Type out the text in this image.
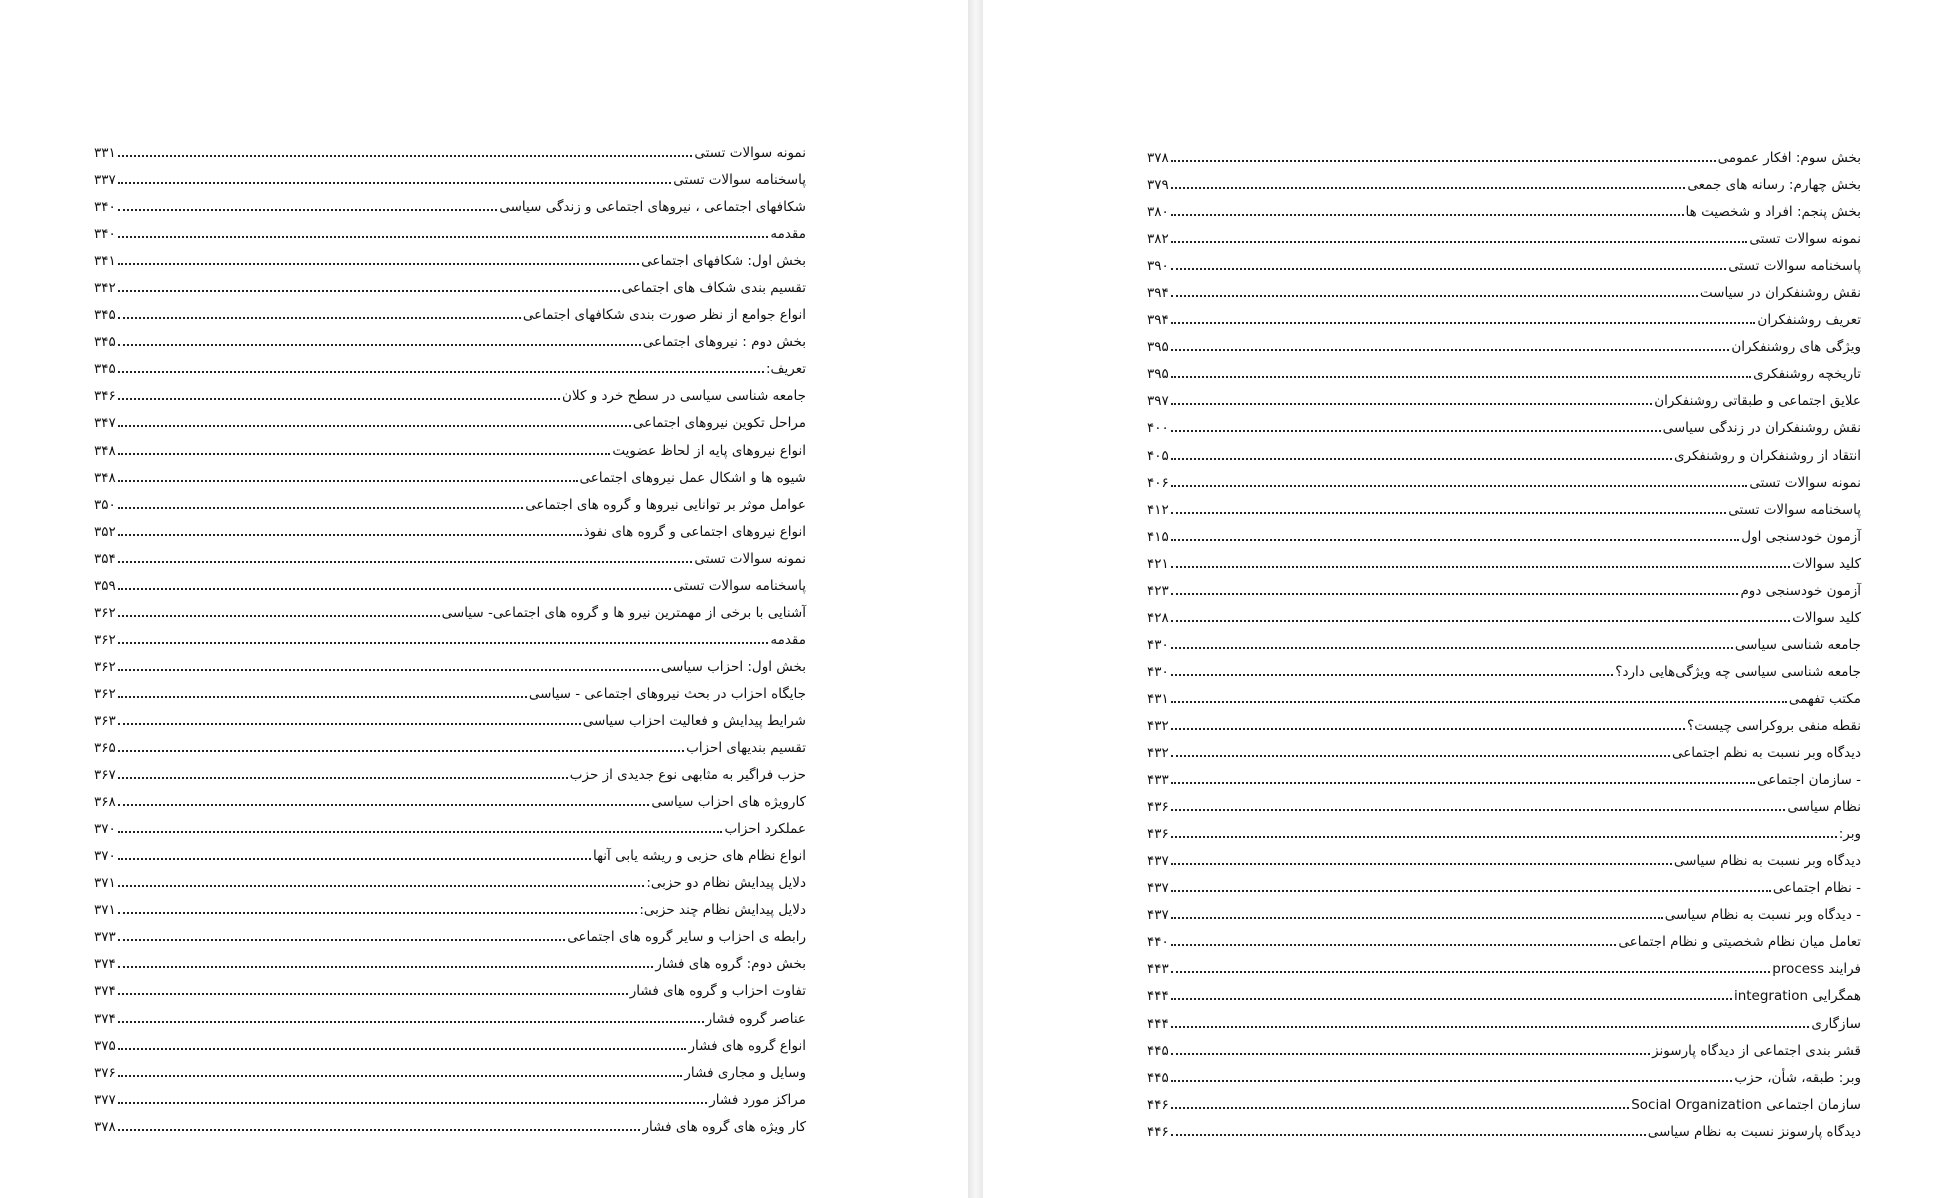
نمونه سوالات تستی
۳۳۱
پاسخنامه سوالات تستی
۳۳۷
شکافهای اجتماعی ، نیروهای اجتماعی و زندگی سیاسی
۳۴۰
مقدمه
۳۴۰
بخش اول: شکافهای اجتماعی
۳۴۱
تقسیم بندی شکاف های اجتماعی
۳۴۲
انواع جوامع از نظر صورت بندی شکافهای اجتماعی
۳۴۵
بخش دوم : نیروهای اجتماعی
۳۴۵
تعریف:
۳۴۵
جامعه شناسی سیاسی در سطح خرد و کلان
۳۴۶
مراحل تکوین نیروهای اجتماعی
۳۴۷
انواع نیروهای پایه از لحاظ عضویت
۳۴۸
شیوه ها و اشکال عمل نیروهای اجتماعی
۳۴۸
عوامل موثر بر توانایی نیروها و گروه های اجتماعی
۳۵۰
انواع نیروهای اجتماعی و گروه های نفوذ
۳۵۲
نمونه سوالات تستی
۳۵۴
پاسخنامه سوالات تستی
۳۵۹
آشنایی با برخی از مهمترین نیرو ها و گروه های اجتماعی- سیاسی
۳۶۲
مقدمه
۳۶۲
بخش اول: احزاب سیاسی
۳۶۲
جایگاه احزاب در بحث نیروهای اجتماعی - سیاسی
۳۶۲
شرایط پیدایش و فعالیت احزاب سیاسی
۳۶۳
تقسیم بندیهای احزاب
۳۶۵
حزب فراگیر به مثابهی نوع جدیدی از حزب
۳۶۷
کارویژه های احزاب سیاسی
۳۶۸
عملکرد احزاب
۳۷۰
انواع نظام های حزبی و ریشه یابی آنها
۳۷۰
دلایل پیدایش نظام دو حزبی:
۳۷۱
دلایل پیدایش نظام چند حزبی:
۳۷۱
رابطه ی احزاب و سایر گروه های اجتماعی
۳۷۳
بخش دوم: گروه های فشار
۳۷۴
تفاوت احزاب و گروه های فشار
۳۷۴
عناصر گروه فشار
۳۷۴
انواع گروه های فشار
۳۷۵
وسایل و مجاری فشار
۳۷۶
مراکز مورد فشار
۳۷۷
کار ویژه های گروه های فشار
۳۷۸
بخش سوم: افکار عمومی
۳۷۸
بخش چهارم: رسانه های جمعی
۳۷۹
بخش پنجم: افراد و شخصیت ها
۳۸۰
نمونه سوالات تستی
۳۸۲
پاسخنامه سوالات تستی
۳۹۰
نقش روشنفکران در سیاست
۳۹۴
تعریف روشنفکران
۳۹۴
ویژگی های روشنفکران
۳۹۵
تاریخچه روشنفکری
۳۹۵
علایق اجتماعی و طبقاتی روشنفکران
۳۹۷
نقش روشنفکران در زندگی سیاسی
۴۰۰
انتقاد از روشنفکران و روشنفکری
۴۰۵
نمونه سوالات تستی
۴۰۶
پاسخنامه سوالات تستی
۴۱۲
آزمون خودسنجی اول
۴۱۵
کلید سوالات
۴۲۱
آزمون خودسنجی دوم
۴۲۳
کلید سوالات
۴۲۸
جامعه شناسی سیاسی
۴۳۰
جامعه شناسی سیاسی چه ویژگی‌هایی دارد؟
۴۳۰
مکتب تفهمی
۴۳۱
نقطه منفی بروکراسی چیست؟
۴۳۲
دیدگاه وبر نسبت به نظم اجتماعی
۴۳۲
- سازمان اجتماعی
۴۳۳
نظام سیاسی
۴۳۶
وبر:
۴۳۶
دیدگاه وبر نسبت به نظام سیاسی
۴۳۷
- نظام اجتماعی
۴۳۷
- دیدگاه وبر نسبت به نظام سیاسی
۴۳۷
تعامل میان نظام شخصیتی و نظام اجتماعی
۴۴۰
فرایند process
۴۴۳
همگرایی integration
۴۴۴
سازگاری
۴۴۴
قشر بندی اجتماعی از دیدگاه پارسونز
۴۴۵
وبر: طبقه، شأن، حزب
۴۴۵
سازمان اجتماعی Social Organization
۴۴۶
دیدگاه پارسونز نسبت به نظام سیاسی
۴۴۶
